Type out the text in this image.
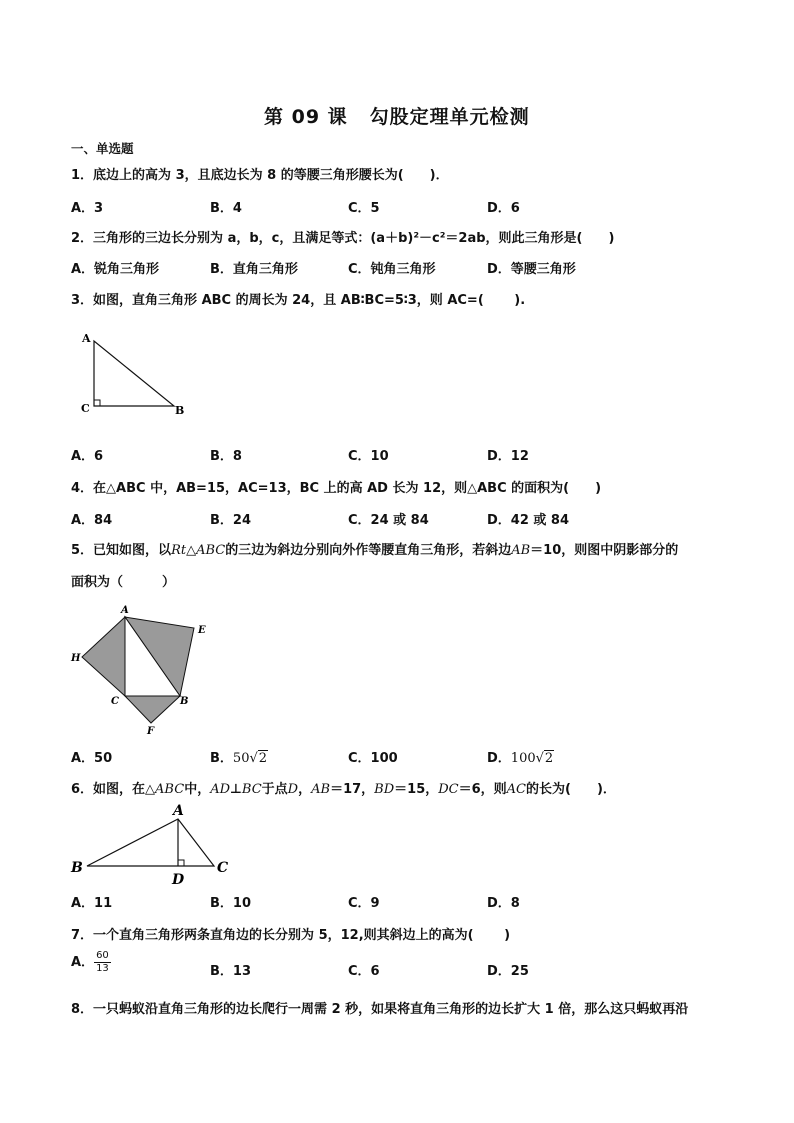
第 09 课 勾股定理单元检测
一、单选题
1．底边上的高为 3，且底边长为 8 的等腰三角形腰长为(　　)．
A．3	B．4	C．5	D．6
2．三角形的三边长分别为 a，b，c，且满足等式：(a＋b)²－c²＝2ab，则此三角形是(　　)
A．锐角三角形	B．直角三角形	C．钝角三角形	D．等腰三角形
3．如图，直角三角形 ABC 的周长为 24，且 AB∶BC=5∶3，则 AC=(　　 ).
A
C	B
A．6	B．8	C．10	D．12
4．在△ABC 中，AB=15，AC=13，BC 上的高 AD 长为 12，则△ABC 的面积为(　　)
A．84	B．24	C．24 或 84	D．42 或 84
5．已知如图，以Rt△ABC的三边为斜边分别向外作等腰直角三角形，若斜边AB＝10，则图中阴影部分的
面积为（　　　）
A
E
H
C	B
F
A．50	B．50√2	C．100	D．100√2
6．如图，在△ABC中，AD⊥BC于点D，AB＝17，BD＝15，DC＝6，则AC的长为(　　)．
A
B	C
D
A．11	B．10	C．9	D．8
7．一个直角三角形两条直角边的长分别为 5，12,则其斜边上的高为(　　 )
A． $\frac{60}{13}$	B．13	C．6	D．25
8．一只蚂蚁沿直角三角形的边长爬行一周需 2 秒，如果将直角三角形的边长扩大 1 倍，那么这只蚂蚁再沿
